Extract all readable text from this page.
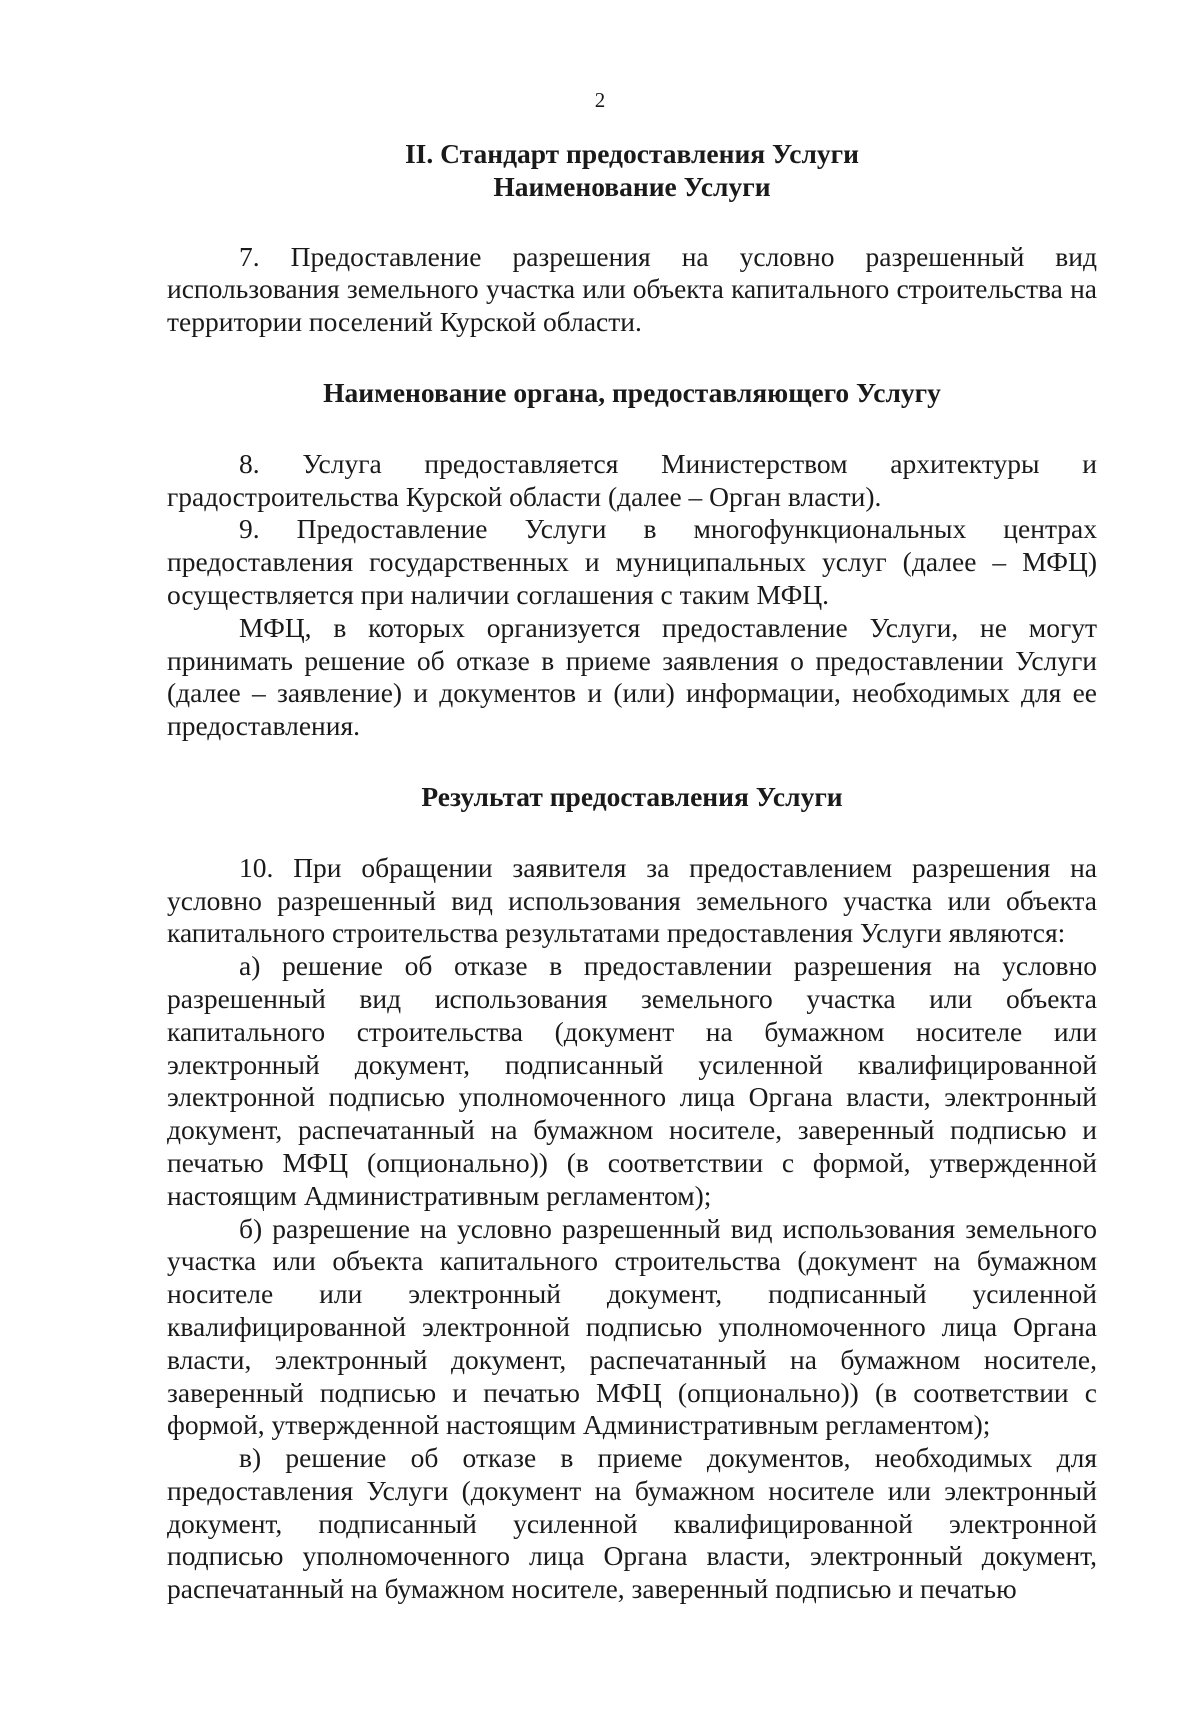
2

II. Стандарт предоставления Услуги

Наименование Услуги

7. Предоставление разрешения на условно разрешенный вид использования земельного участка или объекта капитального строительства на территории поселений Курской области.

Наименование органа, предоставляющего Услугу

8. Услуга предоставляется Министерством архитектуры и градостроительства Курской области (далее – Орган власти).

9. Предоставление Услуги в многофункциональных центрах предоставления государственных и муниципальных услуг (далее – МФЦ) осуществляется при наличии соглашения с таким МФЦ.

МФЦ, в которых организуется предоставление Услуги, не могут принимать решение об отказе в приеме заявления о предоставлении Услуги (далее – заявление) и документов и (или) информации, необходимых для ее предоставления.

Результат предоставления Услуги

10. При обращении заявителя за предоставлением разрешения на условно разрешенный вид использования земельного участка или объекта капитального строительства результатами предоставления Услуги являются:

а) решение об отказе в предоставлении разрешения на условно разрешенный вид использования земельного участка или объекта капитального строительства (документ на бумажном носителе или электронный документ, подписанный усиленной квалифицированной электронной подписью уполномоченного лица Органа власти, электронный документ, распечатанный на бумажном носителе, заверенный подписью и печатью МФЦ (опционально)) (в соответствии с формой, утвержденной настоящим Административным регламентом);

б) разрешение на условно разрешенный вид использования земельного участка или объекта капитального строительства (документ на бумажном носителе или электронный документ, подписанный усиленной квалифицированной электронной подписью уполномоченного лица Органа власти, электронный документ, распечатанный на бумажном носителе, заверенный подписью и печатью МФЦ (опционально)) (в соответствии с формой, утвержденной настоящим Административным регламентом);

в) решение об отказе в приеме документов, необходимых для предоставления Услуги (документ на бумажном носителе или электронный документ, подписанный усиленной квалифицированной электронной подписью уполномоченного лица Органа власти, электронный документ, распечатанный на бумажном носителе, заверенный подписью и печатью
